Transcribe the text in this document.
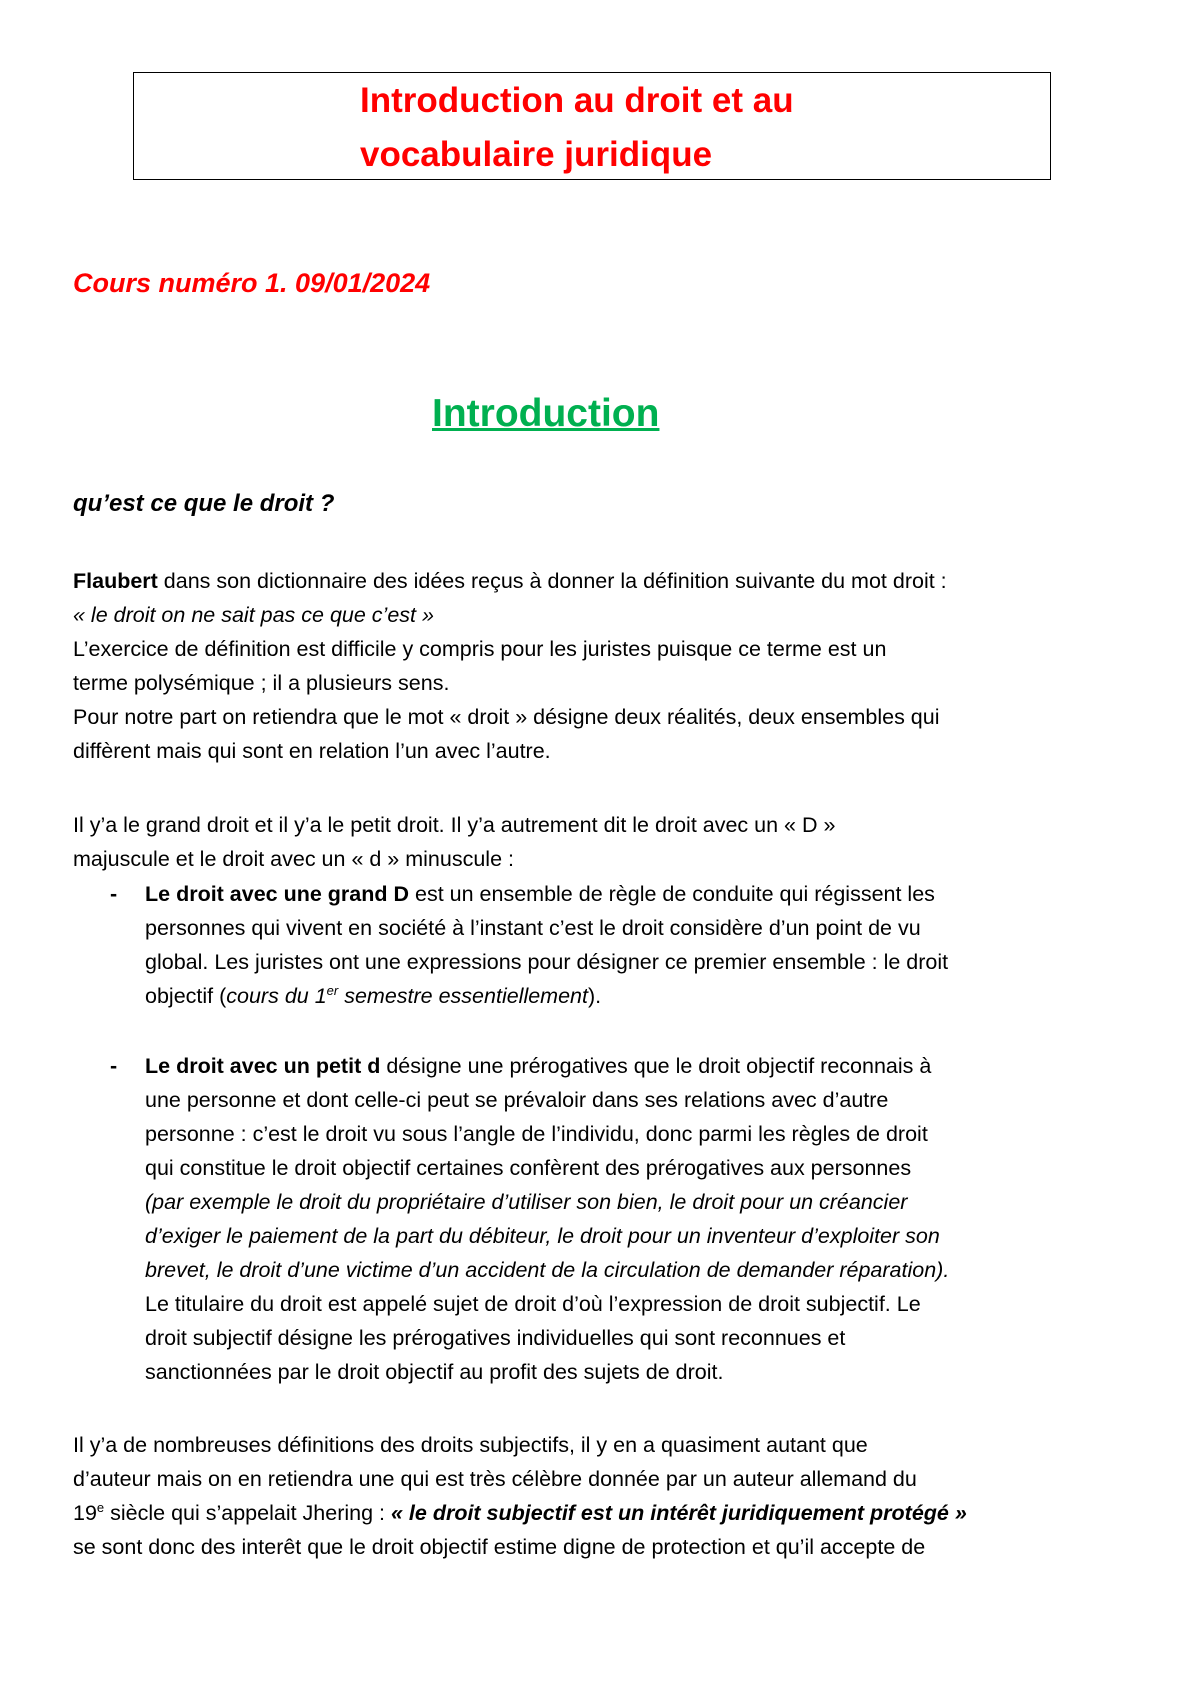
Introduction au droit et au

vocabulaire juridique

Cours numéro 1. 09/01/2024

Introduction

qu’est ce que le droit ?

Flaubert dans son dictionnaire des idées reçus à donner la définition suivante du mot droit :

« le droit on ne sait pas ce que c’est »

L’exercice de définition est difficile y compris pour les juristes puisque ce terme est un

terme polysémique ; il a plusieurs sens.

Pour notre part on retiendra que le mot « droit » désigne deux réalités, deux ensembles qui

diffèrent mais qui sont en relation l’un avec l’autre.

Il y’a le grand droit et il y’a le petit droit. Il y’a autrement dit le droit avec un « D »

majuscule et le droit avec un « d » minuscule :

- Le droit avec une grand D est un ensemble de règle de conduite qui régissent les

personnes qui vivent en société à l’instant c’est le droit considère d’un point de vu

global. Les juristes ont une expressions pour désigner ce premier ensemble : le droit

objectif (cours du 1er semestre essentiellement).

- Le droit avec un petit d désigne une prérogatives que le droit objectif reconnais à

une personne et dont celle-ci peut se prévaloir dans ses relations avec d’autre

personne : c’est le droit vu sous l’angle de l’individu, donc parmi les règles de droit

qui constitue le droit objectif certaines confèrent des prérogatives aux personnes

(par exemple le droit du propriétaire d’utiliser son bien, le droit pour un créancier

d’exiger le paiement de la part du débiteur, le droit pour un inventeur d’exploiter son

brevet, le droit d’une victime d’un accident de la circulation de demander réparation).

Le titulaire du droit est appelé sujet de droit d’où l’expression de droit subjectif. Le

droit subjectif désigne les prérogatives individuelles qui sont reconnues et

sanctionnées par le droit objectif au profit des sujets de droit.

Il y’a de nombreuses définitions des droits subjectifs, il y en a quasiment autant que

d’auteur mais on en retiendra une qui est très célèbre donnée par un auteur allemand du

19e siècle qui s’appelait Jhering : « le droit subjectif est un intérêt juridiquement protégé »

se sont donc des interêt que le droit objectif estime digne de protection et qu’il accepte de
